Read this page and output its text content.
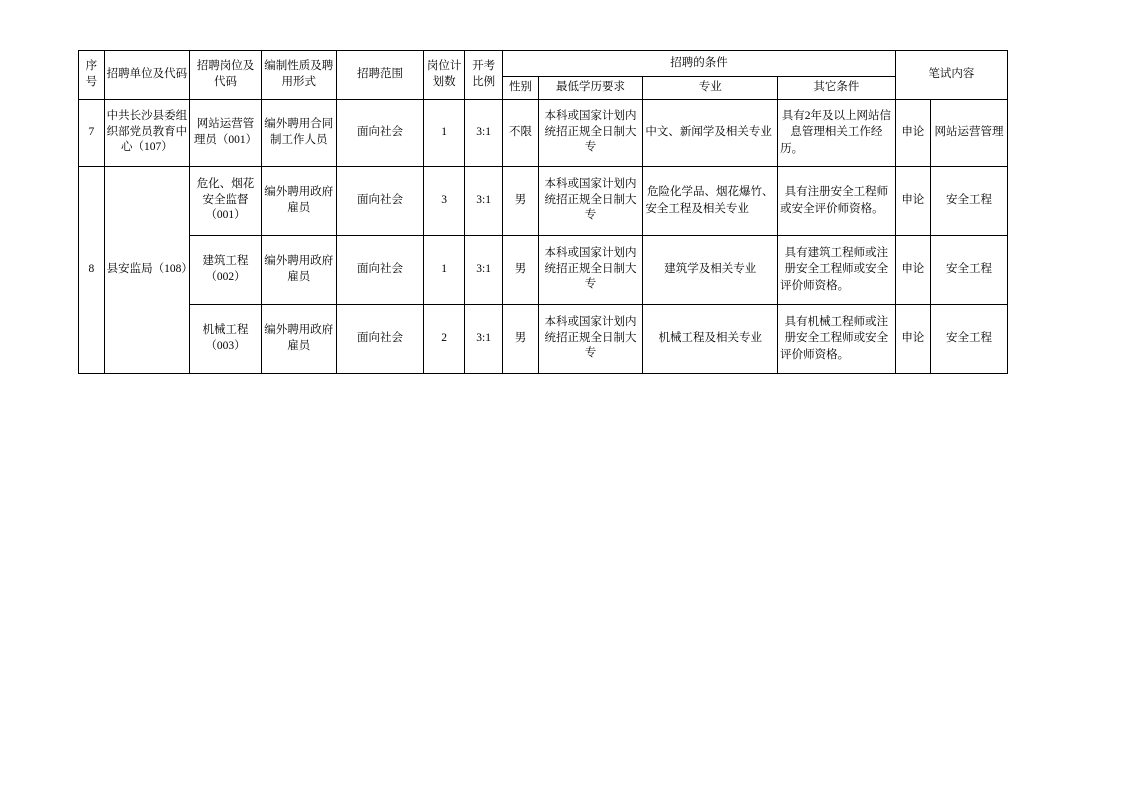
序号	招聘单位及代码	招聘岗位及代码	编制性质及聘用形式	招聘范围	岗位计划数	开考比例	招聘的条件				笔试内容	
							性别	最低学历要求	专业	其它条件		
7	中共长沙县委组织部党员教育中心（107）	网站运营管理员（001）	编外聘用合同制工作人员	面向社会	1	3:1	不限	本科或国家计划内统招正规全日制大专	中文、新闻学及相关专业	具有2年及以上网站信息管理相关工作经历。	申论	网站运营管理
8	县安监局（108）	危化、烟花安全监督（001）	编外聘用政府雇员	面向社会	3	3:1	男	本科或国家计划内统招正规全日制大专	危险化学品、烟花爆竹、安全工程及相关专业	具有注册安全工程师或安全评价师资格。	申论	安全工程
		建筑工程（002）	编外聘用政府雇员	面向社会	1	3:1	男	本科或国家计划内统招正规全日制大专	建筑学及相关专业	具有建筑工程师或注册安全工程师或安全评价师资格。	申论	安全工程
		机械工程（003）	编外聘用政府雇员	面向社会	2	3:1	男	本科或国家计划内统招正规全日制大专	机械工程及相关专业	具有机械工程师或注册安全工程师或安全评价师资格。	申论	安全工程
